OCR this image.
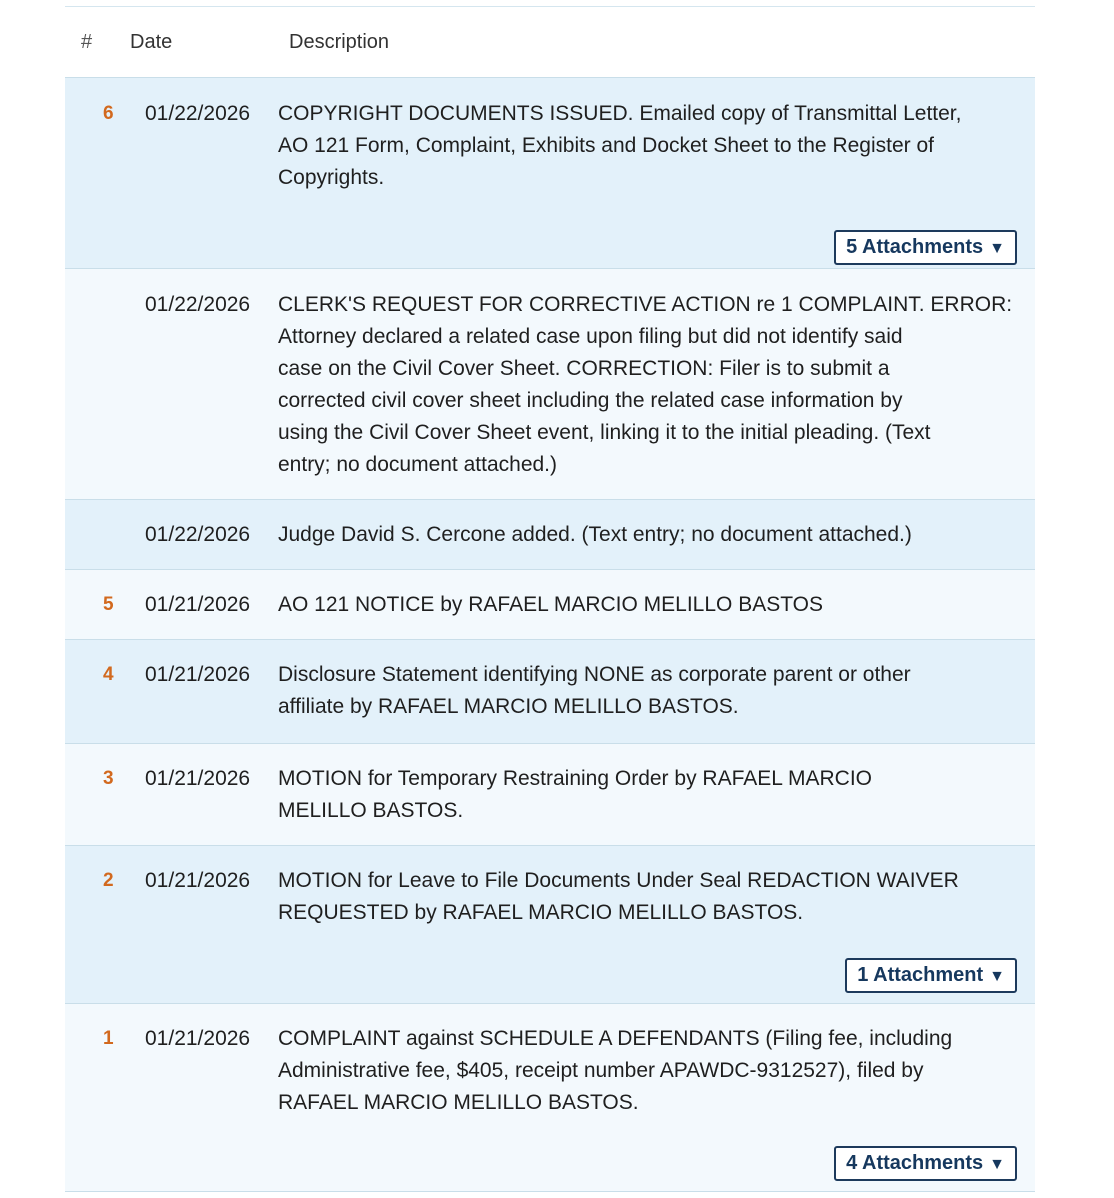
# Date	Description
6 01/22/2026 COPYRIGHT DOCUMENTS ISSUED. Emailed copy of Transmittal Letter,
AO 121 Form, Complaint, Exhibits and Docket Sheet to the Register of
Copyrights.
5 Attachments ▼
01/22/2026 CLERK'S REQUEST FOR CORRECTIVE ACTION re 1 COMPLAINT. ERROR:
Attorney declared a related case upon filing but did not identify said
case on the Civil Cover Sheet. CORRECTION: Filer is to submit a
corrected civil cover sheet including the related case information by
using the Civil Cover Sheet event, linking it to the initial pleading. (Text
entry; no document attached.)
01/22/2026 Judge David S. Cercone added. (Text entry; no document attached.)
5 01/21/2026 AO 121 NOTICE by RAFAEL MARCIO MELILLO BASTOS
4 01/21/2026 Disclosure Statement identifying NONE as corporate parent or other
affiliate by RAFAEL MARCIO MELILLO BASTOS.
3 01/21/2026 MOTION for Temporary Restraining Order by RAFAEL MARCIO
MELILLO BASTOS.
2 01/21/2026 MOTION for Leave to File Documents Under Seal REDACTION WAIVER
REQUESTED by RAFAEL MARCIO MELILLO BASTOS.
1 Attachment ▼
1 01/21/2026 COMPLAINT against SCHEDULE A DEFENDANTS (Filing fee, including
Administrative fee, $405, receipt number APAWDC-9312527), filed by
RAFAEL MARCIO MELILLO BASTOS.
4 Attachments ▼
